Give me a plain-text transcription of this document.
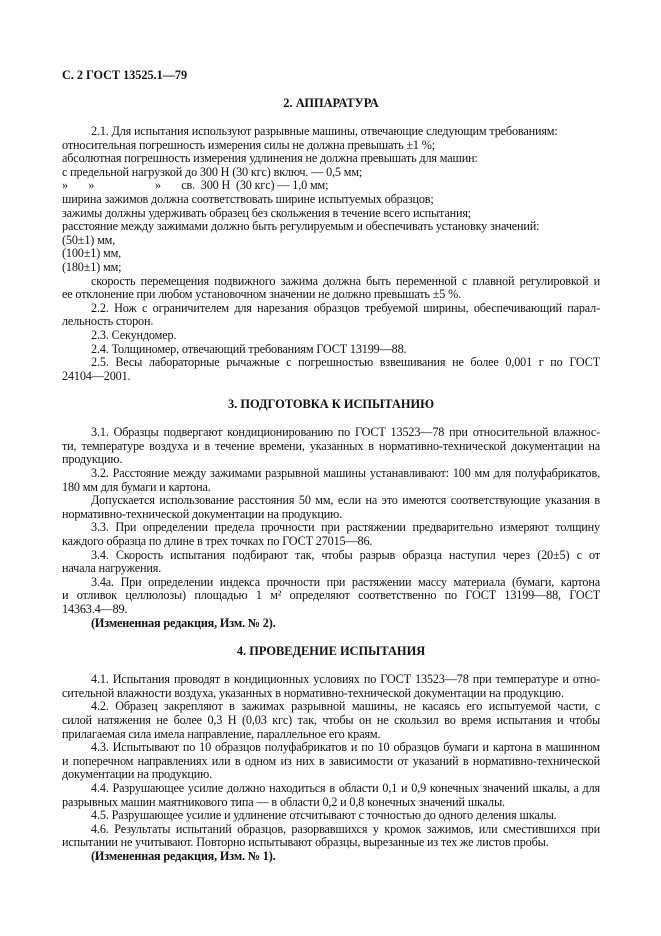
С. 2 ГОСТ 13525.1—79
2. АППАРАТУРА
2.1. Для испытания используют разрывные машины, отвечающие следующим требованиям:
относительная погрешность измерения силы не должна превышать ±1 %;
абсолютная погрешность измерения удлинения не должна превышать для машин:
с предельной нагрузкой до 300 Н (30 кгс) включ. — 0,5 мм;
»       »                     »       св.  300 Н  (30 кгс) — 1,0 мм;
ширина зажимов должна соответствовать ширине испытуемых образцов;
зажимы должны удерживать образец без скольжения в течение всего испытания;
расстояние между зажимами должно быть регулируемым и обеспечивать установку значений:
(50±1) мм,
(100±1) мм,
(180±1) мм;
скорость перемещения подвижного зажима должна быть переменной с плавной регулировкой и
ее отклонение при любом установочном значении не должно превышать ±5 %.
2.2. Нож с ограничителем для нарезания образцов требуемой ширины, обеспечивающий парал-
лельность сторон.
2.3. Секундомер.
2.4. Толщиномер, отвечающий требованиям ГОСТ 13199—88.
2.5. Весы лабораторные рычажные с погрешностью взвешивания не более 0,001 г по ГОСТ
24104—2001.
3. ПОДГОТОВКА К ИСПЫТАНИЮ
3.1. Образцы подвергают кондиционированию по ГОСТ 13523—78 при относительной влажнос-
ти, температуре воздуха и в течение времени, указанных в нормативно-технической документации на
продукцию.
3.2. Расстояние между зажимами разрывной машины устанавливают: 100 мм для полуфабрикатов,
180 мм для бумаги и картона.
Допускается использование расстояния 50 мм, если на это имеются соответствующие указания в
нормативно-технической документации на продукцию.
3.3. При определении предела прочности при растяжении предварительно измеряют толщину
каждого образца по длине в трех точках по ГОСТ 27015—86.
3.4. Скорость испытания подбирают так, чтобы разрыв образца наступил через (20±5) с от
начала нагружения.
3.4а. При определении индекса прочности при растяжении массу материала (бумаги, картона
и отливок целлюлозы) площадью 1 м² определяют соответственно по ГОСТ 13199—88, ГОСТ
14363.4—89.
(Измененная редакция, Изм. № 2).
4. ПРОВЕДЕНИЕ ИСПЫТАНИЯ
4.1. Испытания проводят в кондиционных условиях по ГОСТ 13523—78 при температуре и отно-
сительной влажности воздуха, указанных в нормативно-технической документации на продукцию.
4.2. Образец закрепляют в зажимах разрывной машины, не касаясь его испытуемой части, с
силой натяжения не более 0,3 Н (0,03 кгс) так, чтобы он не скользил во время испытания и чтобы
прилагаемая сила имела направление, параллельное его краям.
4.3. Испытывают по 10 образцов полуфабрикатов и по 10 образцов бумаги и картона в машинном
и поперечном направлениях или в одном из них в зависимости от указаний в нормативно-технической
документации на продукцию.
4.4. Разрушающее усилие должно находиться в области 0,1 и 0,9 конечных значений шкалы, а для
разрывных машин маятникового типа — в области 0,2 и 0,8 конечных значений шкалы.
4.5. Разрушающее усилие и удлинение отсчитывают с точностью до одного деления шкалы.
4.6. Результаты испытаний образцов, разорвавшихся у кромок зажимов, или сместившихся при
испытании не учитывают. Повторно испытывают образцы, вырезанные из тех же листов пробы.
(Измененная редакция, Изм. № 1).
